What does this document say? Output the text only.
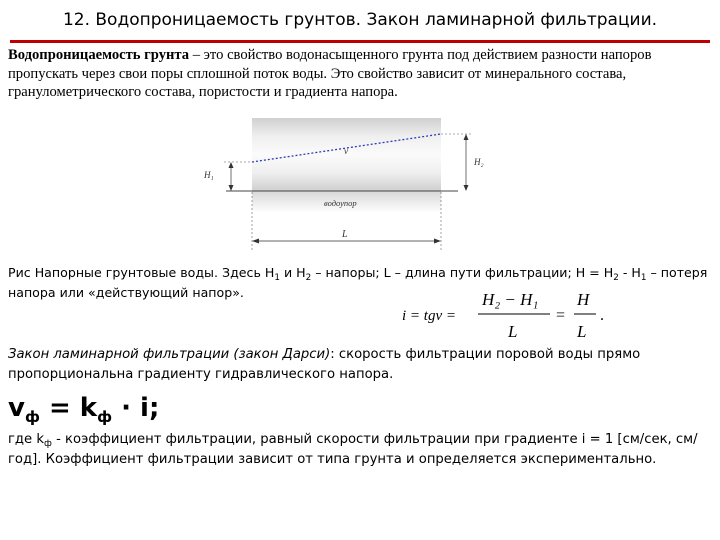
12. Водопроницаемость грунтов. Закон ламинарной фильтрации.

Водопроницаемость грунта – это свойство водонасыщенного грунта под действием разности напоров пропускать через свои поры сплошной поток воды. Это свойство зависит от минерального состава, гранулометрического состава, пористости и градиента напора.

H₁
H₂
v
водоупор
L

Рис Напорные грунтовые воды. Здесь $H_1$ и $H_2$ – напоры; L – длина пути фильтрации; $H = H_2 - H_1$ – потеря напора или «действующий напор».

i = tgν =
H₂ − H₁
L
=
H
L
.

Закон ламинарной фильтрации (закон Дарси): скорость фильтрации поровой воды прямо пропорциональна градиенту гидравлического напора.

$v_ф = k_ф \cdot i$;

где $k_ф$ - коэффициент фильтрации, равный скорости фильтрации при градиенте i = 1 [см/сек, см/год]. Коэффициент фильтрации зависит от типа грунта и определяется экспериментально.
